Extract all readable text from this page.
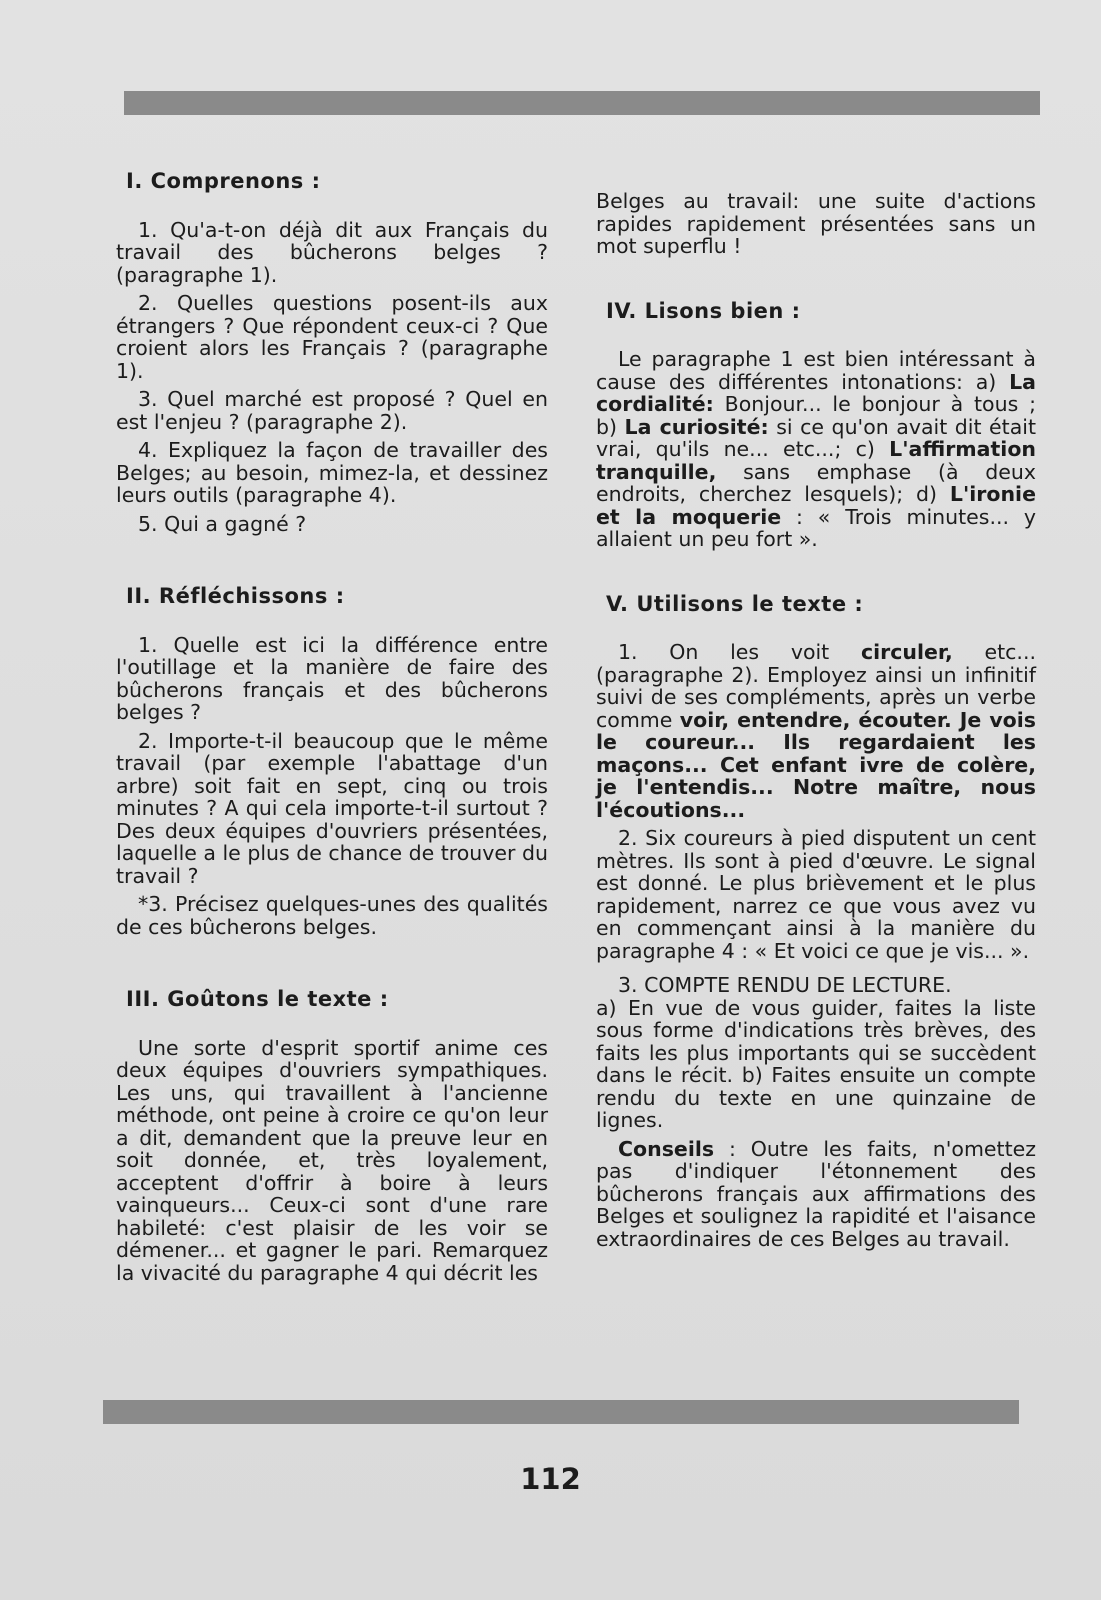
I. Comprenons :

1. Qu'a-t-on déjà dit aux Français du travail des bûcherons belges ? (paragraphe 1).

2. Quelles questions posent-ils aux étrangers ? Que répondent ceux-ci ? Que croient alors les Français ? (paragraphe 1).

3. Quel marché est proposé ? Quel en est l'enjeu ? (paragraphe 2).

4. Expliquez la façon de travailler des Belges; au besoin, mimez-la, et dessinez leurs outils (paragraphe 4).

5. Qui a gagné ?

II. Réfléchissons :

1. Quelle est ici la différence entre l'outillage et la manière de faire des bûcherons français et des bûcherons belges ?

2. Importe-t-il beaucoup que le même travail (par exemple l'abattage d'un arbre) soit fait en sept, cinq ou trois minutes ? A qui cela importe-t-il surtout ? Des deux équipes d'ouvriers présentées, laquelle a le plus de chance de trouver du travail ?

*3. Précisez quelques-unes des qualités de ces bûcherons belges.

III. Goûtons le texte :

Une sorte d'esprit sportif anime ces deux équipes d'ouvriers sympathiques. Les uns, qui travaillent à l'ancienne méthode, ont peine à croire ce qu'on leur a dit, demandent que la preuve leur en soit donnée, et, très loyalement, acceptent d'offrir à boire à leurs vainqueurs... Ceux-ci sont d'une rare habileté: c'est plaisir de les voir se démener... et gagner le pari. Remarquez la vivacité du paragraphe 4 qui décrit les

Belges au travail: une suite d'actions rapides rapidement présentées sans un mot superflu !

IV. Lisons bien :

Le paragraphe 1 est bien intéressant à cause des différentes intonations: a) La cordialité: Bonjour... le bonjour à tous ; b) La curiosité: si ce qu'on avait dit était vrai, qu'ils ne... etc...; c) L'affirmation tranquille, sans emphase (à deux endroits, cherchez lesquels); d) L'ironie et la moquerie : « Trois minutes... y allaient un peu fort ».

V. Utilisons le texte :

1. On les voit circuler, etc... (paragraphe 2). Employez ainsi un infinitif suivi de ses compléments, après un verbe comme voir, entendre, écouter. Je vois le coureur... Ils regardaient les maçons... Cet enfant ivre de colère, je l'entendis... Notre maître, nous l'écoutions...

2. Six coureurs à pied disputent un cent mètres. Ils sont à pied d'œuvre. Le signal est donné. Le plus brièvement et le plus rapidement, narrez ce que vous avez vu en commençant ainsi à la manière du paragraphe 4 : « Et voici ce que je vis... ».

3. COMPTE RENDU DE LECTURE.

a) En vue de vous guider, faites la liste sous forme d'indications très brèves, des faits les plus importants qui se succèdent dans le récit. b) Faites ensuite un compte rendu du texte en une quinzaine de lignes.

Conseils : Outre les faits, n'omettez pas d'indiquer l'étonnement des bûcherons français aux affirmations des Belges et soulignez la rapidité et l'aisance extraordinaires de ces Belges au travail.

112
